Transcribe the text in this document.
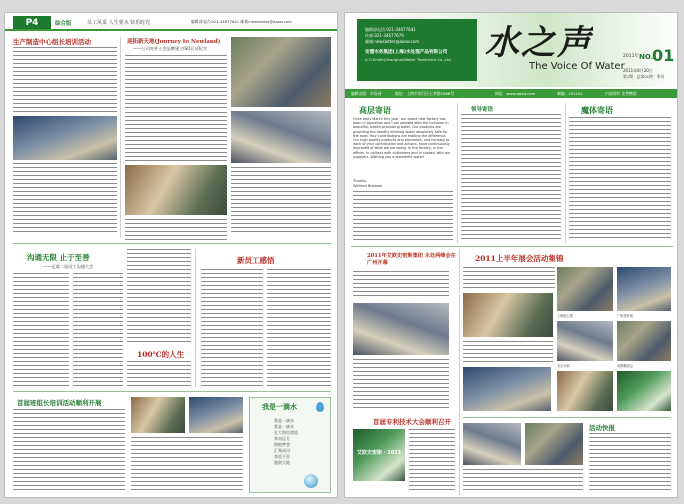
P4	综合版	员工风采 人生要水 快乐时光	编辑部电话:021-34677641 邮箱:newsletter@aosw.com
生产制造中心组长培训活动	迎拓新天地(Journey to Newland)
——公司对外入会品牌建立ISO认证纪实
沟通无限 止于至善
——记第二届员工沟通大会
100℃的人生
新员工感悟
首届班组长培训活动顺利开展	我是一滴水
我是一滴水
我是一滴水
在大海里漂流
奔向远方
拥抱梦想
汇聚成河
奔流不息
滋润大地
编辑部电话:021-34677641
传真:021-34677679
邮箱:newsletter@aosw.com
安德水务集团(上海)水处理产品有限公司
A.O.Smith(Shanghai)Water Treatment Co.,Ltd 水之声
The Voice Of Water
2011年 NO.
01
2011年8月20日
第1期 · 总第01期 · 季刊
编辑出版：市场部	地址：上海市闵行区七莘路2588号	网址：www.aosw.com	邮编：201101	内部资料 免费赠阅
高层寄语
Once early March this year, our brand new factory has been in operation and I am pleased with the inclusion in beautiful, health-promoting water. Our products are providing the healthy drinking water absolutely safe for the body. Your contributions are making the difference. Our high quality products and processes, and honesty to each of your contribution and actions, have continuously improved of what we are doing. In the factory, in the offices, in contact with customers and in contact with our suppliers. Wishing you a wonderful water!
Thanks,
Wilfried Brouwer
领导寄语	魔体寄语
2011年艾欧史密斯集团 永处两峰会在广州开幕
首届专利技术大会顺利召开
艾欧史密斯 · 2011
2011上半年展会活动集锦
上海厨卫展	广州建材展
北京水展	成都糖酒会
活动快报
